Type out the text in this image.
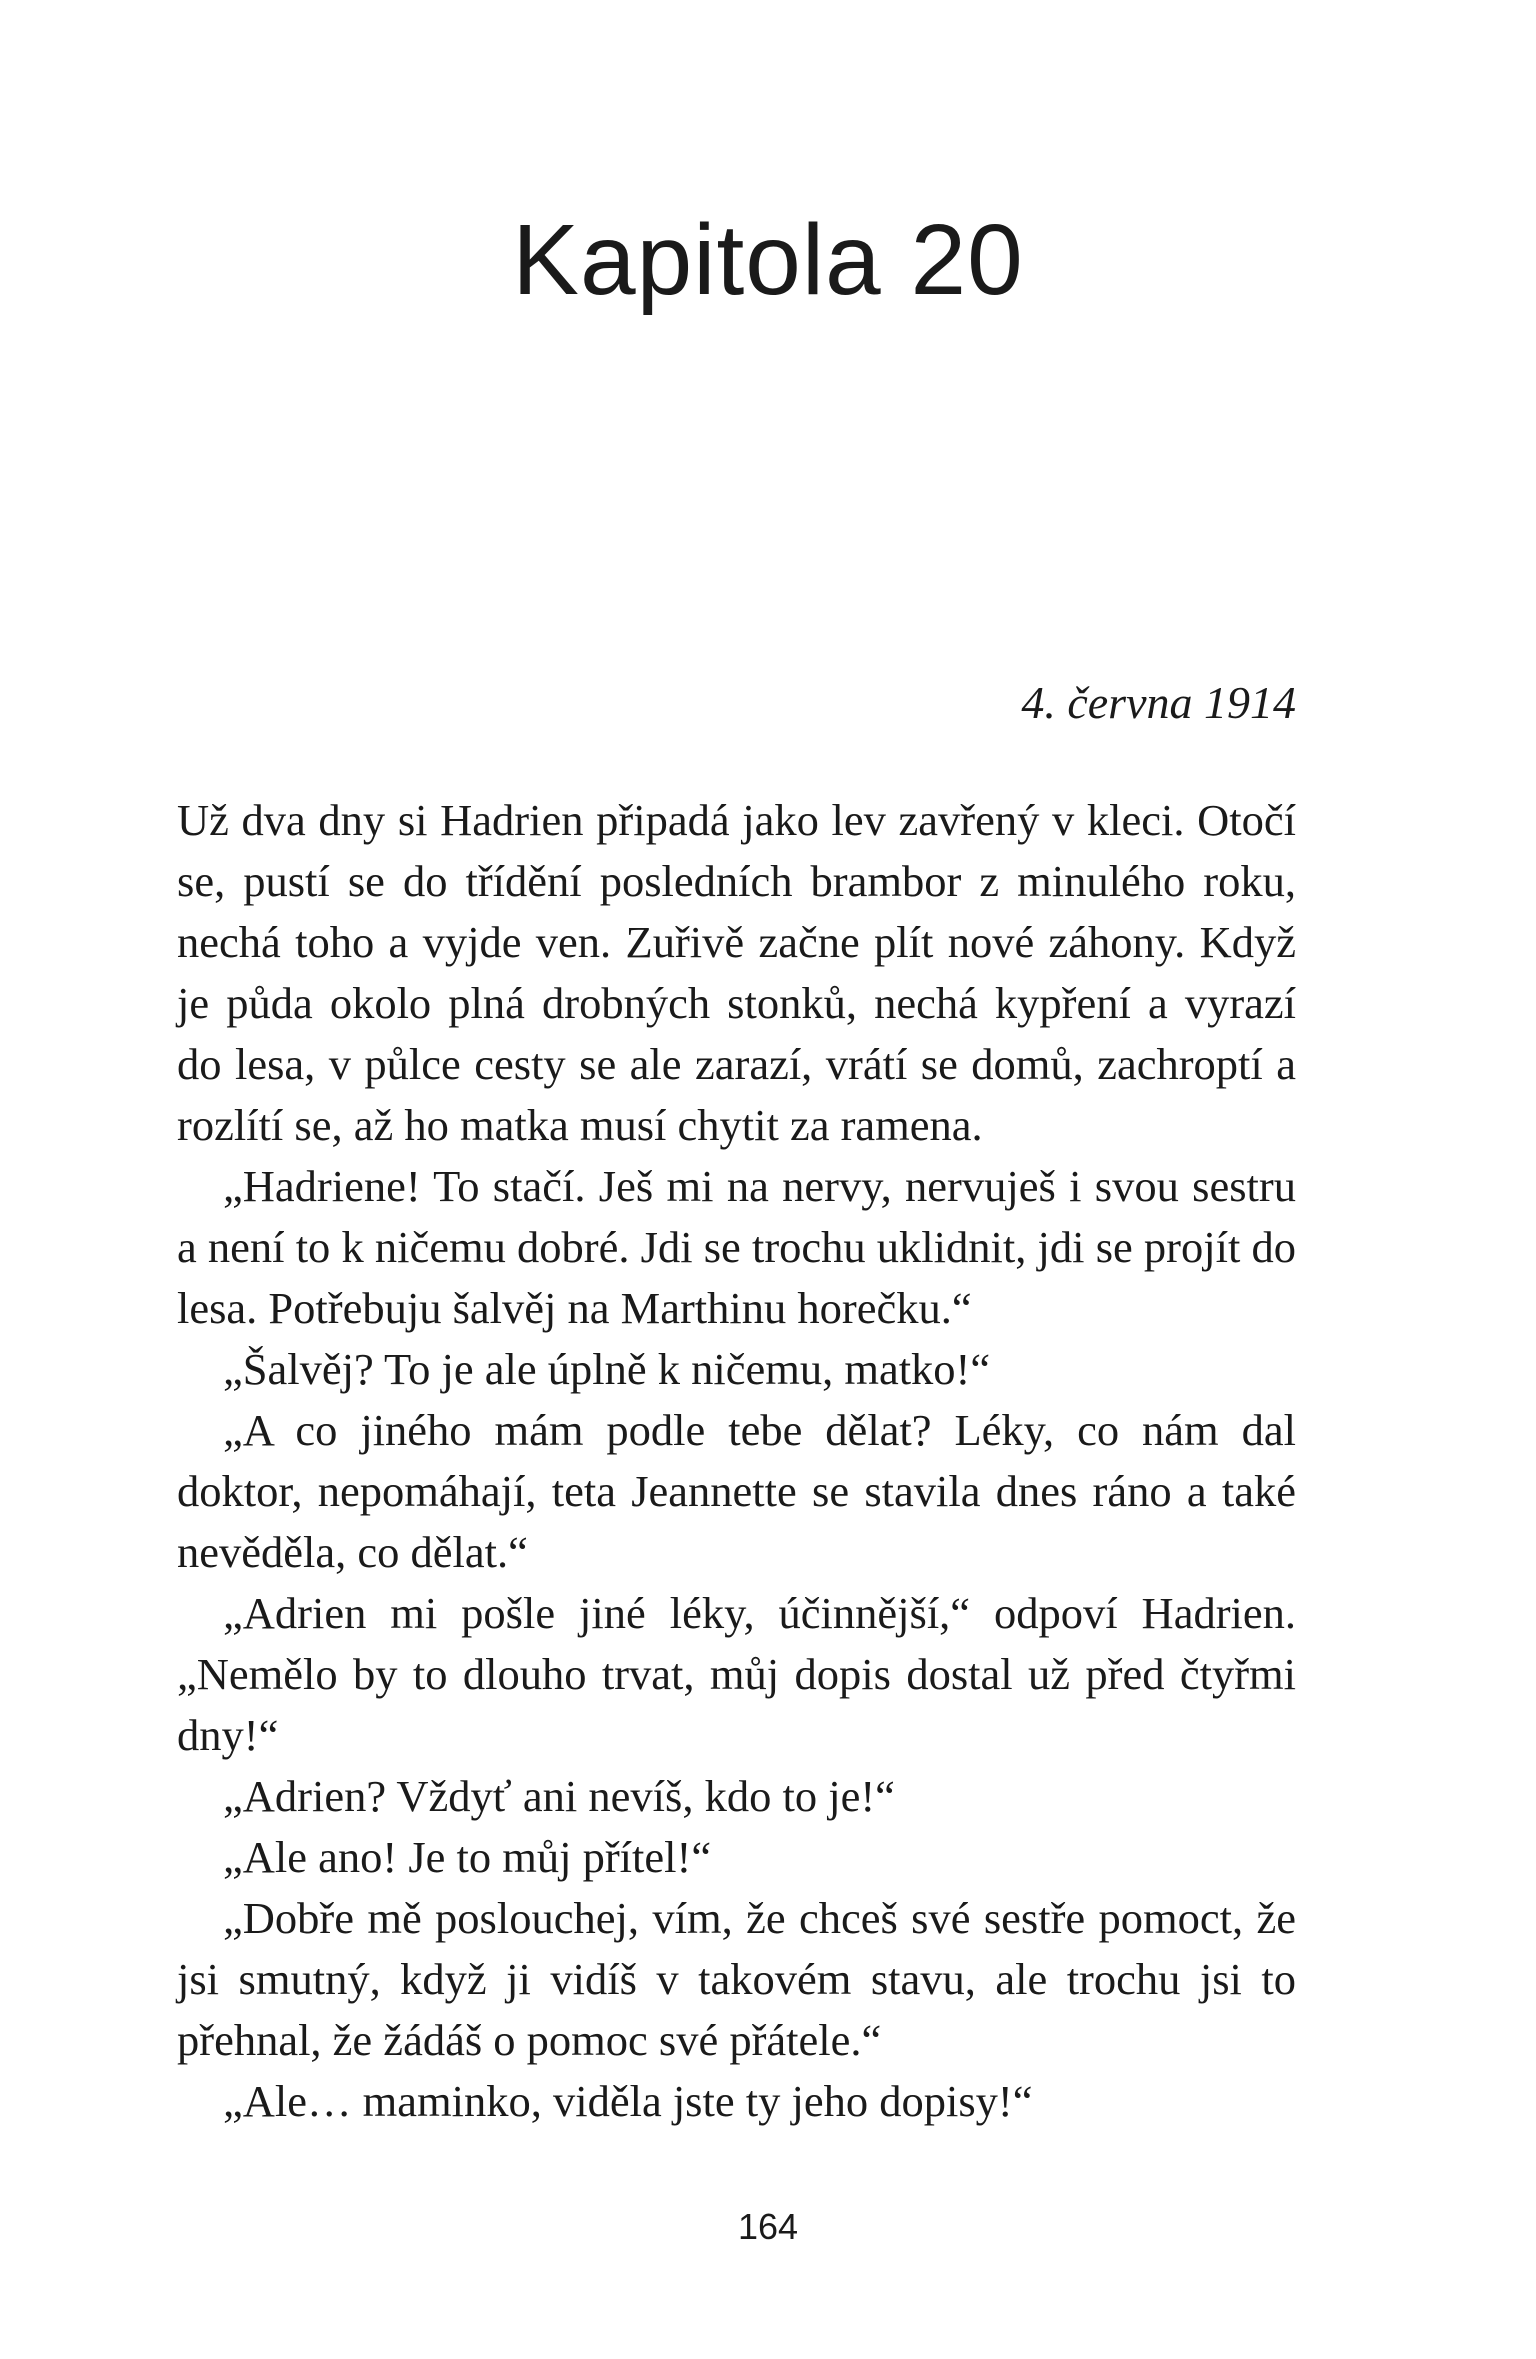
Kapitola 20
4. června 1914

Už dva dny si Hadrien připadá jako lev zavřený v kleci. Otočí se, pustí se do třídění posledních brambor z minulého roku, nechá toho a vyjde ven. Zuřivě začne plít nové záhony. Když je půda okolo plná drobných stonků, nechá kypření a vyrazí do lesa, v půlce cesty se ale zarazí, vrátí se domů, zachroptí a rozlítí se, až ho matka musí chytit za ramena.

„Hadriene! To stačí. Ješ mi na nervy, nervuješ i svou sestru a není to k ničemu dobré. Jdi se trochu uklidnit, jdi se projít do lesa. Potřebuju šalvěj na Marthinu horečku.“

„Šalvěj? To je ale úplně k ničemu, matko!“

„A co jiného mám podle tebe dělat? Léky, co nám dal doktor, nepomáhají, teta Jeannette se stavila dnes ráno a také nevěděla, co dělat.“

„Adrien mi pošle jiné léky, účinnější,“ odpoví Hadrien. „Nemělo by to dlouho trvat, můj dopis dostal už před čtyřmi dny!“

„Adrien? Vždyť ani nevíš, kdo to je!“

„Ale ano! Je to můj přítel!“

„Dobře mě poslouchej, vím, že chceš své sestře pomoct, že jsi smutný, když ji vidíš v takovém stavu, ale trochu jsi to přehnal, že žádáš o pomoc své přátele.“

„Ale… maminko, viděla jste ty jeho dopisy!“

164
